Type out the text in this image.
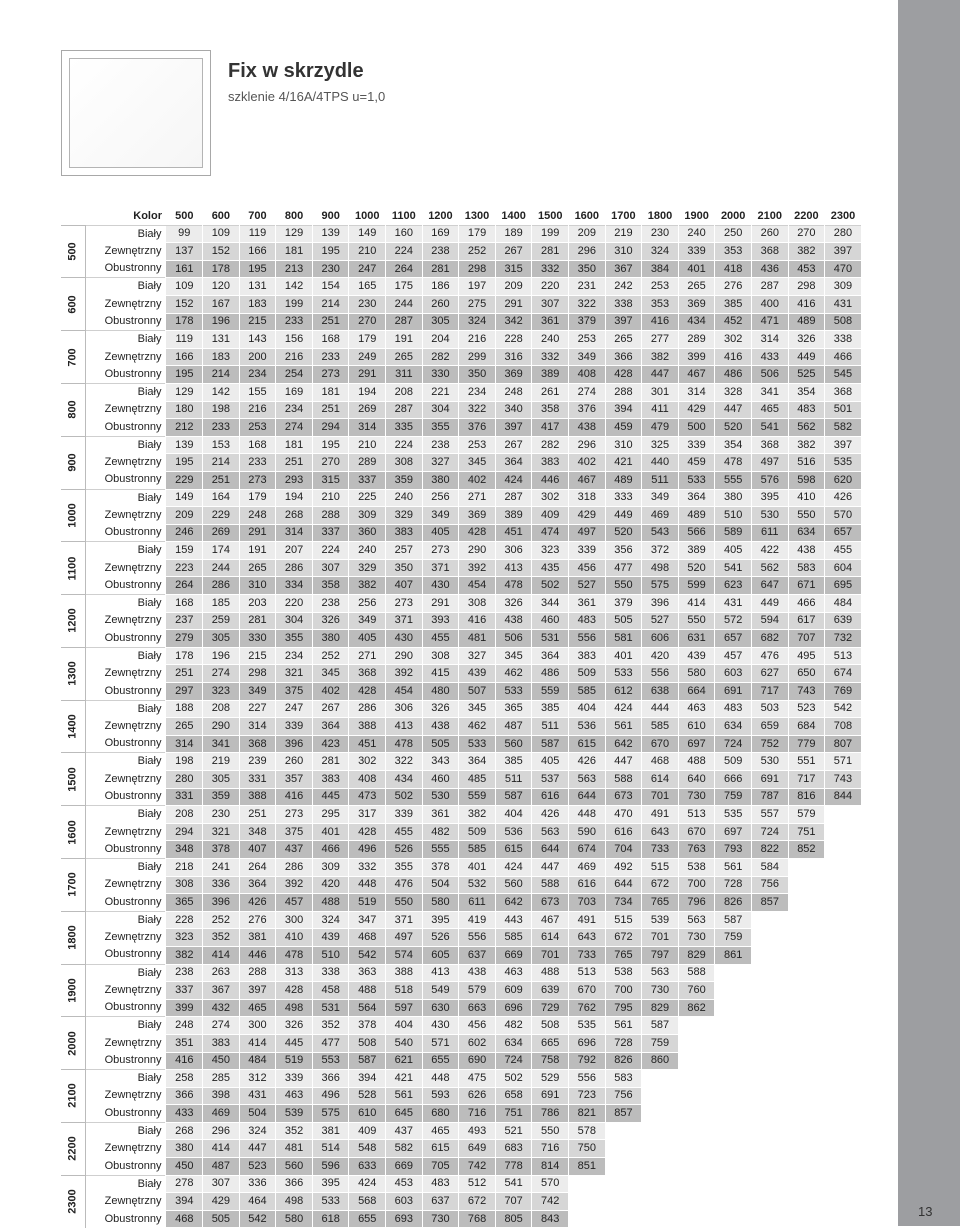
Fix w skrzydle
szklenie 4/16A/4TPS u=1,0
	Kolor	500	600	700	800	900	1000	1100	1200	1300	1400	1500	1600	1700	1800	1900	2000	2100	2200	2300

500	Biały	99	109	119	129	139	149	160	169	179	189	199	209	219	230	240	250	260	270	280
	Zewnętrzny	137	152	166	181	195	210	224	238	252	267	281	296	310	324	339	353	368	382	397
	Obustronny	161	178	195	213	230	247	264	281	298	315	332	350	367	384	401	418	436	453	470

600	Biały	109	120	131	142	154	165	175	186	197	209	220	231	242	253	265	276	287	298	309
	Zewnętrzny	152	167	183	199	214	230	244	260	275	291	307	322	338	353	369	385	400	416	431
	Obustronny	178	196	215	233	251	270	287	305	324	342	361	379	397	416	434	452	471	489	508

700	Biały	119	131	143	156	168	179	191	204	216	228	240	253	265	277	289	302	314	326	338
	Zewnętrzny	166	183	200	216	233	249	265	282	299	316	332	349	366	382	399	416	433	449	466
	Obustronny	195	214	234	254	273	291	311	330	350	369	389	408	428	447	467	486	506	525	545

800	Biały	129	142	155	169	181	194	208	221	234	248	261	274	288	301	314	328	341	354	368
	Zewnętrzny	180	198	216	234	251	269	287	304	322	340	358	376	394	411	429	447	465	483	501
	Obustronny	212	233	253	274	294	314	335	355	376	397	417	438	459	479	500	520	541	562	582

900	Biały	139	153	168	181	195	210	224	238	253	267	282	296	310	325	339	354	368	382	397
	Zewnętrzny	195	214	233	251	270	289	308	327	345	364	383	402	421	440	459	478	497	516	535
	Obustronny	229	251	273	293	315	337	359	380	402	424	446	467	489	511	533	555	576	598	620

1000	Biały	149	164	179	194	210	225	240	256	271	287	302	318	333	349	364	380	395	410	426
	Zewnętrzny	209	229	248	268	288	309	329	349	369	389	409	429	449	469	489	510	530	550	570
	Obustronny	246	269	291	314	337	360	383	405	428	451	474	497	520	543	566	589	611	634	657

1100	Biały	159	174	191	207	224	240	257	273	290	306	323	339	356	372	389	405	422	438	455
	Zewnętrzny	223	244	265	286	307	329	350	371	392	413	435	456	477	498	520	541	562	583	604
	Obustronny	264	286	310	334	358	382	407	430	454	478	502	527	550	575	599	623	647	671	695

1200	Biały	168	185	203	220	238	256	273	291	308	326	344	361	379	396	414	431	449	466	484
	Zewnętrzny	237	259	281	304	326	349	371	393	416	438	460	483	505	527	550	572	594	617	639
	Obustronny	279	305	330	355	380	405	430	455	481	506	531	556	581	606	631	657	682	707	732

1300	Biały	178	196	215	234	252	271	290	308	327	345	364	383	401	420	439	457	476	495	513
	Zewnętrzny	251	274	298	321	345	368	392	415	439	462	486	509	533	556	580	603	627	650	674
	Obustronny	297	323	349	375	402	428	454	480	507	533	559	585	612	638	664	691	717	743	769

1400	Biały	188	208	227	247	267	286	306	326	345	365	385	404	424	444	463	483	503	523	542
	Zewnętrzny	265	290	314	339	364	388	413	438	462	487	511	536	561	585	610	634	659	684	708
	Obustronny	314	341	368	396	423	451	478	505	533	560	587	615	642	670	697	724	752	779	807

1500	Biały	198	219	239	260	281	302	322	343	364	385	405	426	447	468	488	509	530	551	571
	Zewnętrzny	280	305	331	357	383	408	434	460	485	511	537	563	588	614	640	666	691	717	743
	Obustronny	331	359	388	416	445	473	502	530	559	587	616	644	673	701	730	759	787	816	844

1600	Biały	208	230	251	273	295	317	339	361	382	404	426	448	470	491	513	535	557	579	
	Zewnętrzny	294	321	348	375	401	428	455	482	509	536	563	590	616	643	670	697	724	751	
	Obustronny	348	378	407	437	466	496	526	555	585	615	644	674	704	733	763	793	822	852	

1700	Biały	218	241	264	286	309	332	355	378	401	424	447	469	492	515	538	561	584		
	Zewnętrzny	308	336	364	392	420	448	476	504	532	560	588	616	644	672	700	728	756		
	Obustronny	365	396	426	457	488	519	550	580	611	642	673	703	734	765	796	826	857		

1800	Biały	228	252	276	300	324	347	371	395	419	443	467	491	515	539	563	587			
	Zewnętrzny	323	352	381	410	439	468	497	526	556	585	614	643	672	701	730	759			
	Obustronny	382	414	446	478	510	542	574	605	637	669	701	733	765	797	829	861			

1900	Biały	238	263	288	313	338	363	388	413	438	463	488	513	538	563	588				
	Zewnętrzny	337	367	397	428	458	488	518	549	579	609	639	670	700	730	760				
	Obustronny	399	432	465	498	531	564	597	630	663	696	729	762	795	829	862				

2000	Biały	248	274	300	326	352	378	404	430	456	482	508	535	561	587					
	Zewnętrzny	351	383	414	445	477	508	540	571	602	634	665	696	728	759					
	Obustronny	416	450	484	519	553	587	621	655	690	724	758	792	826	860					

2100	Biały	258	285	312	339	366	394	421	448	475	502	529	556	583						
	Zewnętrzny	366	398	431	463	496	528	561	593	626	658	691	723	756						
	Obustronny	433	469	504	539	575	610	645	680	716	751	786	821	857						

2200	Biały	268	296	324	352	381	409	437	465	493	521	550	578							
	Zewnętrzny	380	414	447	481	514	548	582	615	649	683	716	750							
	Obustronny	450	487	523	560	596	633	669	705	742	778	814	851							

2300	Biały	278	307	336	366	395	424	453	483	512	541	570								
	Zewnętrzny	394	429	464	498	533	568	603	637	672	707	742								
	Obustronny	468	505	542	580	618	655	693	730	768	805	843									13
